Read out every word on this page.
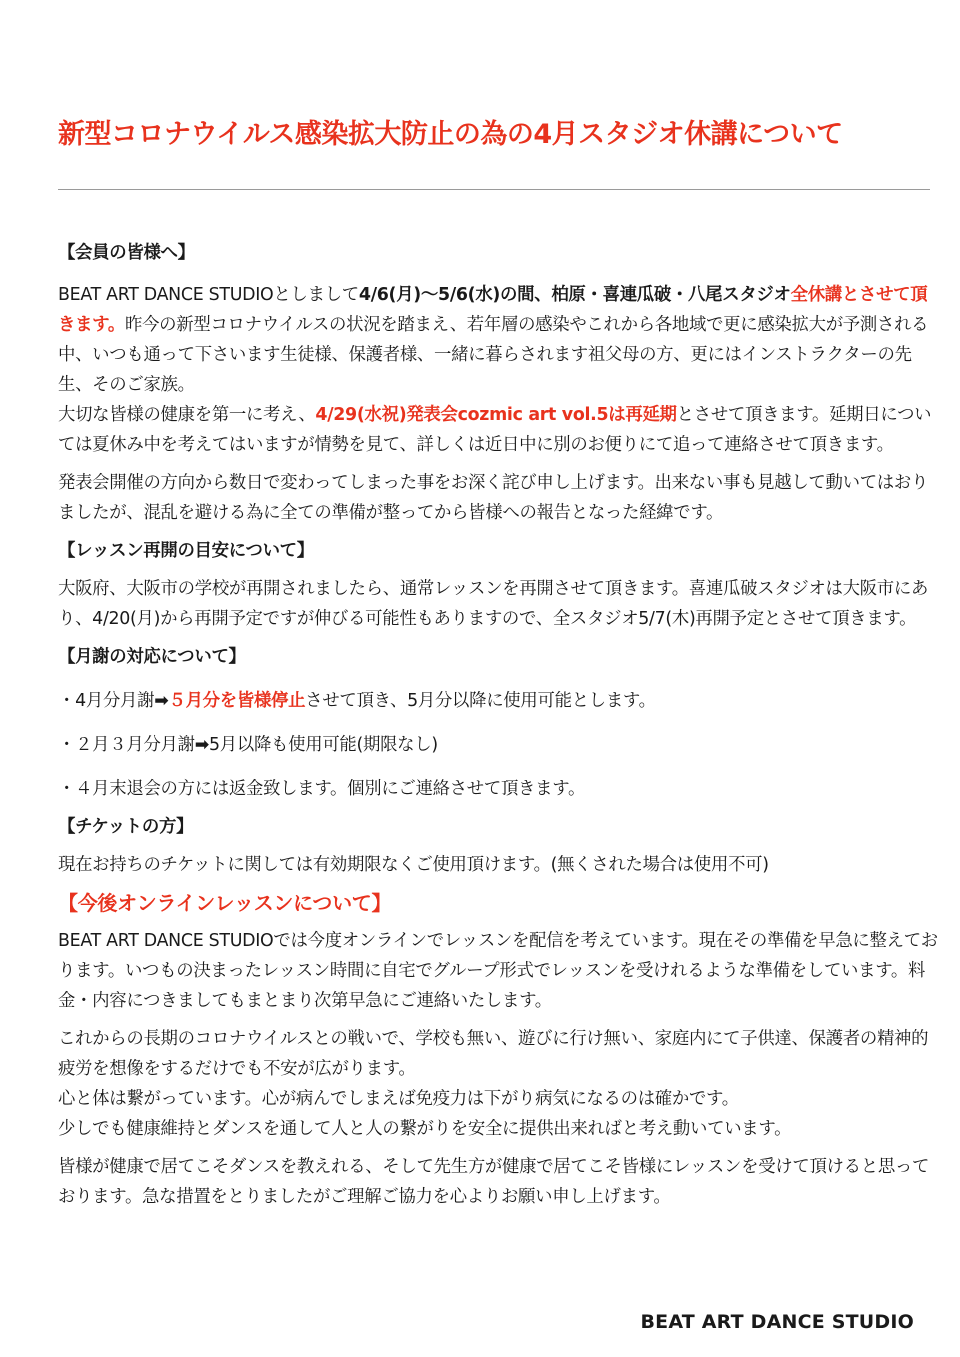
新型コロナウイルス感染拡大防止の為の4月スタジオ休講について

【会員の皆様へ】

BEAT ART DANCE STUDIOとしまして4/6(月)〜5/6(水)の間、柏原・喜連瓜破・八尾スタジオ全休講とさせて頂きます。昨今の新型コロナウイルスの状況を踏まえ、若年層の感染やこれから各地域で更に感染拡大が予測される中、いつも通って下さいます生徒様、保護者様、一緒に暮らされます祖父母の方、更にはインストラクターの先生、そのご家族。

大切な皆様の健康を第一に考え、4/29(水祝)発表会cozmic art vol.5は再延期とさせて頂きます。延期日については夏休み中を考えてはいますが情勢を見て、詳しくは近日中に別のお便りにて追って連絡させて頂きます。

発表会開催の方向から数日で変わってしまった事をお深く詫び申し上げます。出来ない事も見越して動いてはおりましたが、混乱を避ける為に全ての準備が整ってから皆様への報告となった経緯です。

【レッスン再開の目安について】

大阪府、大阪市の学校が再開されましたら、通常レッスンを再開させて頂きます。喜連瓜破スタジオは大阪市にあり、4/20(月)から再開予定ですが伸びる可能性もありますので、全スタジオ5/7(木)再開予定とさせて頂きます。

【月謝の対応について】

・4月分月謝➡５月分を皆様停止させて頂き、5月分以降に使用可能とします。

・２月３月分月謝➡5月以降も使用可能(期限なし)

・４月末退会の方には返金致します。個別にご連絡させて頂きます。

【チケットの方】

現在お持ちのチケットに関しては有効期限なくご使用頂けます。(無くされた場合は使用不可)

【今後オンラインレッスンについて】

BEAT ART DANCE STUDIOでは今度オンラインでレッスンを配信を考えています。現在その準備を早急に整えております。いつもの決まったレッスン時間に自宅でグループ形式でレッスンを受けれるような準備をしています。料金・内容につきましてもまとまり次第早急にご連絡いたします。

これからの長期のコロナウイルスとの戦いで、学校も無い、遊びに行け無い、家庭内にて子供達、保護者の精神的疲労を想像をするだけでも不安が広がります。

心と体は繋がっています。心が病んでしまえば免疫力は下がり病気になるのは確かです。

少しでも健康維持とダンスを通して人と人の繋がりを安全に提供出来ればと考え動いています。

皆様が健康で居てこそダンスを教えれる、そして先生方が健康で居てこそ皆様にレッスンを受けて頂けると思っております。急な措置をとりましたがご理解ご協力を心よりお願い申し上げます。

BEAT ART DANCE STUDIO
